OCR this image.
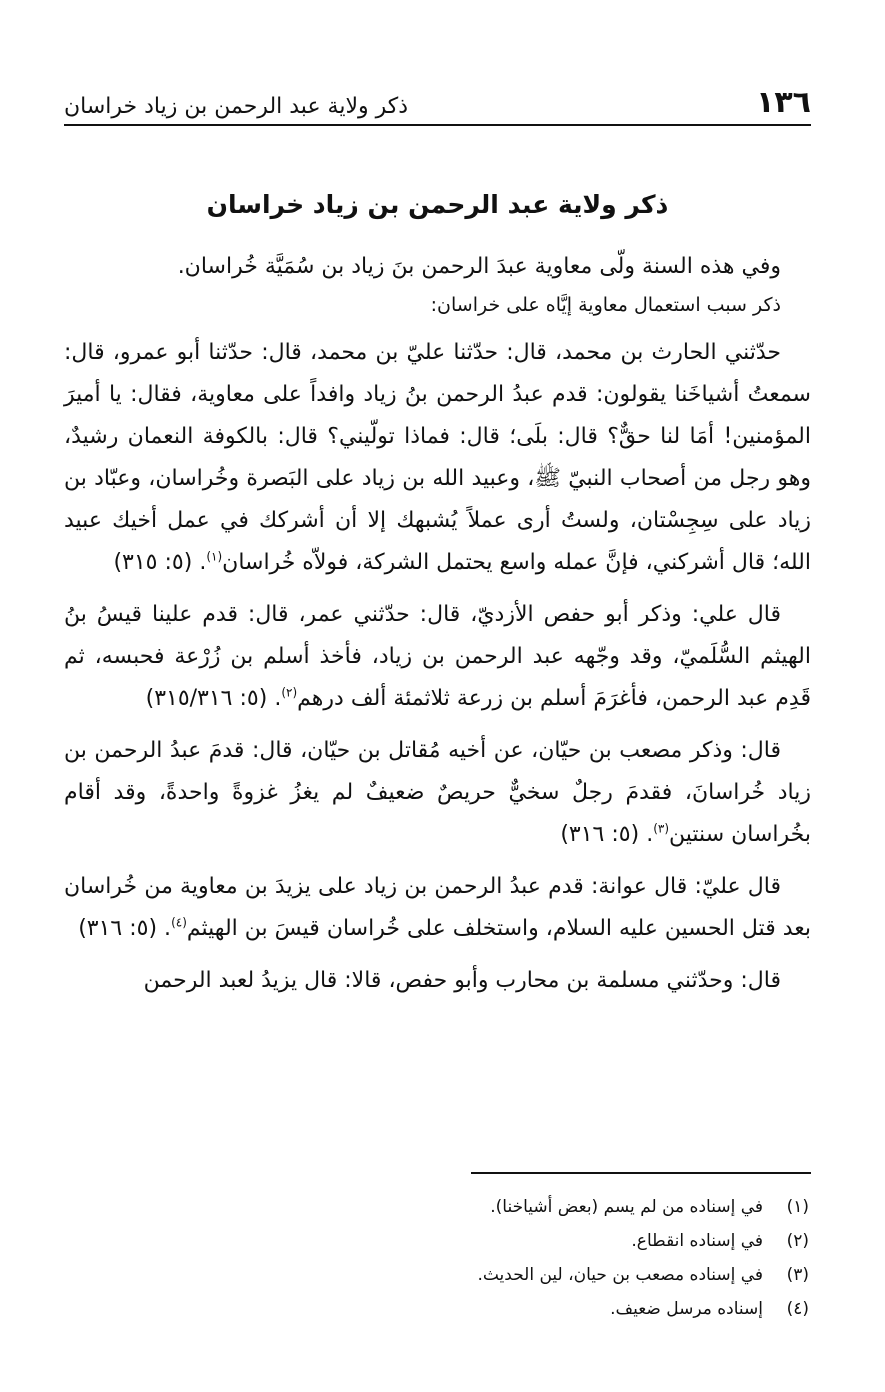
١٣٦
ذكر ولاية عبد الرحمن بن زياد خراسان
ذكر ولاية عبد الرحمن بن زياد خراسان

وفي هذه السنة ولّى معاوية عبدَ الرحمن بنَ زياد بن سُمَيَّة خُراسان.

ذكر سبب استعمال معاوية إيَّاه على خراسان:

حدّثني الحارث بن محمد، قال: حدّثنا عليّ بن محمد، قال: حدّثنا أبو عمرو، قال: سمعتُ أشياخَنا يقولون: قدم عبدُ الرحمن بنُ زياد وافداً على معاوية، فقال: يا أميرَ المؤمنين! أمَا لنا حقٌّ؟ قال: بلَى؛ قال: فماذا تولّيني؟ قال: بالكوفة النعمان رشيدٌ، وهو رجل من أصحاب النبيّ ﷺ، وعبيد الله بن زياد على البَصرة وخُراسان، وعبّاد بن زياد على سِجِسْتان، ولستُ أرى عملاً يُشبهك إلا أن أشركك في عمل أخيك عبيد الله؛ قال أشركني، فإنَّ عمله واسع يحتمل الشركة، فولاّه خُراسان$^{(١)}$. (٥: ٣١٥)

قال علي: وذكر أبو حفص الأزديّ، قال: حدّثني عمر، قال: قدم علينا قيسُ بنُ الهيثم السُّلَميّ، وقد وجّهه عبد الرحمن بن زياد، فأخذ أسلم بن زُرْعة فحبسه، ثم قَدِم عبد الرحمن، فأغرَمَ أسلم بن زرعة ثلاثمئة ألف درهم$^{(٢)}$. (٥: ٣١٥/٣١٦)

قال: وذكر مصعب بن حيّان، عن أخيه مُقاتل بن حيّان، قال: قدمَ عبدُ الرحمن بن زياد خُراسانَ، فقدمَ رجلٌ سخيٌّ حريصٌ ضعيفٌ لم يغزُ غزوةً واحدةً، وقد أقام بخُراسان سنتين$^{(٣)}$. (٥: ٣١٦)

قال عليّ: قال عوانة: قدم عبدُ الرحمن بن زياد على يزيدَ بن معاوية من خُراسان بعد قتل الحسين عليه السلام، واستخلف على خُراسان قيسَ بن الهيثم$^{(٤)}$. (٥: ٣١٦)

قال: وحدّثني مسلمة بن محارب وأبو حفص، قالا: قال يزيدُ لعبد الرحمن

(١)
في إسناده من لم يسم (بعض أشياخنا).
(٢)
في إسناده انقطاع.
(٣)
في إسناده مصعب بن حيان، لين الحديث.
(٤)
إسناده مرسل ضعيف.
